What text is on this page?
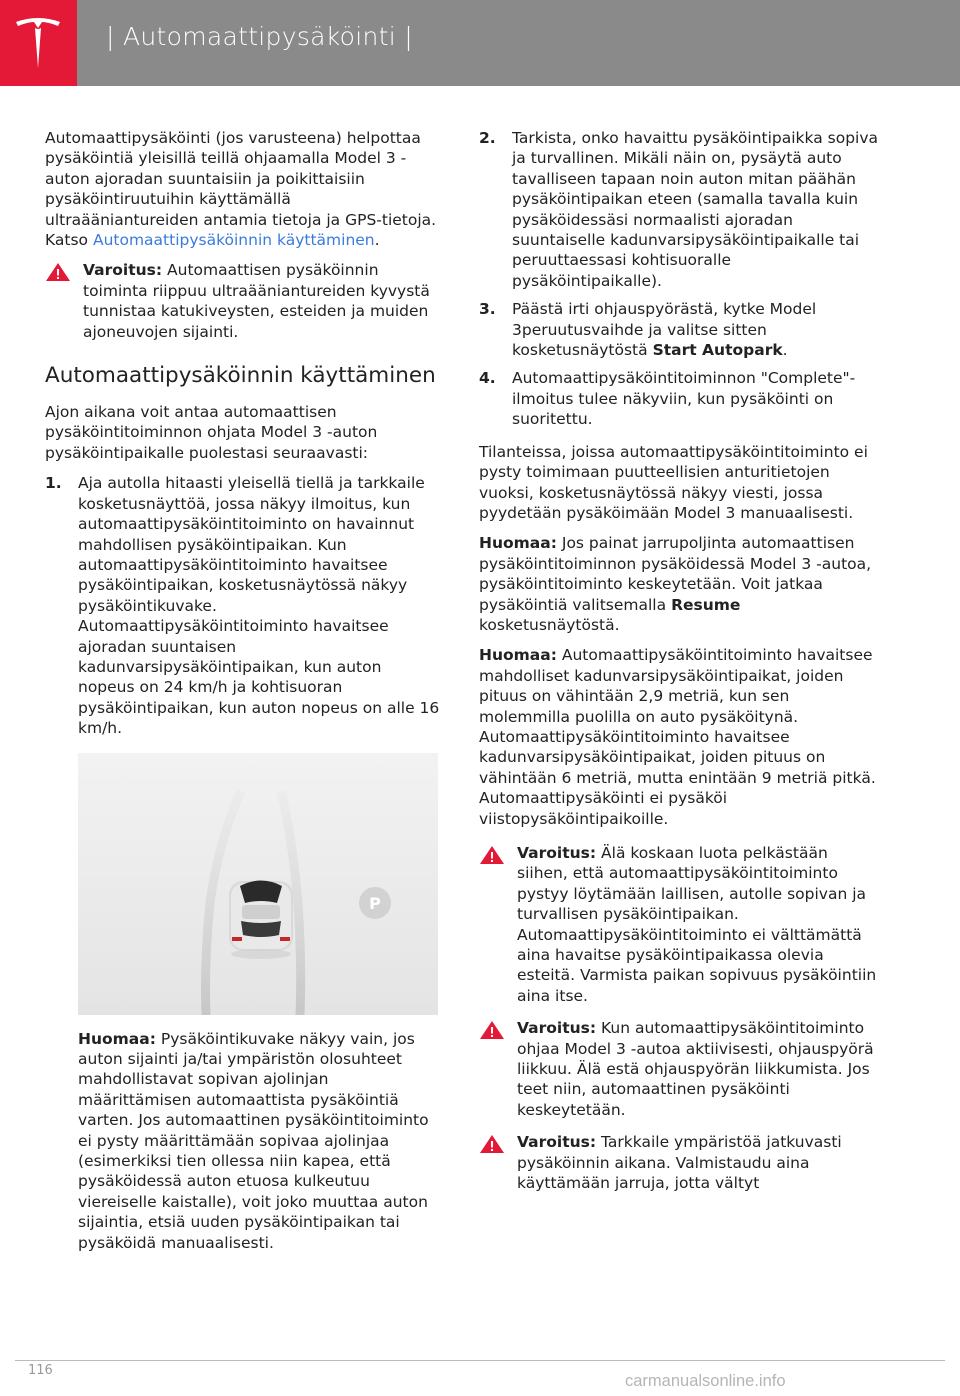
| Automaattipysäköinti |

Automaattipysäköinti (jos varusteena) helpottaa pysäköintiä yleisillä teillä ohjaamalla Model 3 -auton ajoradan suuntaisiin ja poikittaisiin pysäköintiruutuihin käyttämällä ultraääniantureiden antamia tietoja ja GPS-tietoja. Katso Automaattipysäköinnin käyttäminen.

Varoitus: Automaattisen pysäköinnin toiminta riippuu ultraääniantureiden kyvystä tunnistaa katukiveysten, esteiden ja muiden ajoneuvojen sijainti.
Automaattipysäköinnin käyttäminen

Ajon aikana voit antaa automaattisen pysäköintitoiminnon ohjata Model 3 -auton pysäköintipaikalle puolestasi seuraavasti:

1. Aja autolla hitaasti yleisellä tiellä ja tarkkaile kosketusnäyttöä, jossa näkyy ilmoitus, kun automaattipysäköintitoiminto on havainnut mahdollisen pysäköintipaikan. Kun automaattipysäköintitoiminto havaitsee pysäköintipaikan, kosketusnäytössä näkyy pysäköintikuvake. Automaattipysäköintitoiminto havaitsee ajoradan suuntaisen kadunvarsipysäköintipaikan, kun auton nopeus on 24 km/h ja kohtisuoran pysäköintipaikan, kun auton nopeus on alle 16 km/h.
P

Huomaa: Pysäköintikuvake näkyy vain, jos auton sijainti ja/tai ympäristön olosuhteet mahdollistavat sopivan ajolinjan määrittämisen automaattista pysäköintiä varten. Jos automaattinen pysäköintitoiminto ei pysty määrittämään sopivaa ajolinjaa (esimerkiksi tien ollessa niin kapea, että pysäköidessä auton etuosa kulkeutuu viereiselle kaistalle), voit joko muuttaa auton sijaintia, etsiä uuden pysäköintipaikan tai pysäköidä manuaalisesti.

2. Tarkista, onko havaittu pysäköintipaikka sopiva ja turvallinen. Mikäli näin on, pysäytä auto tavalliseen tapaan noin auton mitan päähän pysäköintipaikan eteen (samalla tavalla kuin pysäköidessäsi normaalisti ajoradan suuntaiselle kadunvarsipysäköintipaikalle tai peruuttaessasi kohtisuoralle pysäköintipaikalle).
3. Päästä irti ohjauspyörästä, kytke Model 3peruutusvaihde ja valitse sitten kosketusnäytöstä Start Autopark.
4. Automaattipysäköintitoiminnon "Complete"-ilmoitus tulee näkyviin, kun pysäköinti on suoritettu.

Tilanteissa, joissa automaattipysäköintitoiminto ei pysty toimimaan puutteellisien anturitietojen vuoksi, kosketusnäytössä näkyy viesti, jossa pyydetään pysäköimään Model 3 manuaalisesti.

Huomaa: Jos painat jarrupoljinta automaattisen pysäköintitoiminnon pysäköidessä Model 3 -autoa, pysäköintitoiminto keskeytetään. Voit jatkaa pysäköintiä valitsemalla Resume kosketusnäytöstä.

Huomaa: Automaattipysäköintitoiminto havaitsee mahdolliset kadunvarsipysäköintipaikat, joiden pituus on vähintään 2,9 metriä, kun sen molemmilla puolilla on auto pysäköitynä. Automaattipysäköintitoiminto havaitsee kadunvarsipysäköintipaikat, joiden pituus on vähintään 6 metriä, mutta enintään 9 metriä pitkä. Automaattipysäköinti ei pysäköi viistopysäköintipaikoille.

Varoitus: Älä koskaan luota pelkästään siihen, että automaattipysäköintitoiminto pystyy löytämään laillisen, autolle sopivan ja turvallisen pysäköintipaikan. Automaattipysäköintitoiminto ei välttämättä aina havaitse pysäköintipaikassa olevia esteitä. Varmista paikan sopivuus pysäköintiin aina itse.
Varoitus: Kun automaattipysäköintitoiminto ohjaa Model 3 -autoa aktiivisesti, ohjauspyörä liikkuu. Älä estä ohjauspyörän liikkumista. Jos teet niin, automaattinen pysäköinti keskeytetään.
Varoitus: Tarkkaile ympäristöä jatkuvasti pysäköinnin aikana. Valmistaudu aina käyttämään jarruja, jotta vältyt
116
carmanualsonline.info
